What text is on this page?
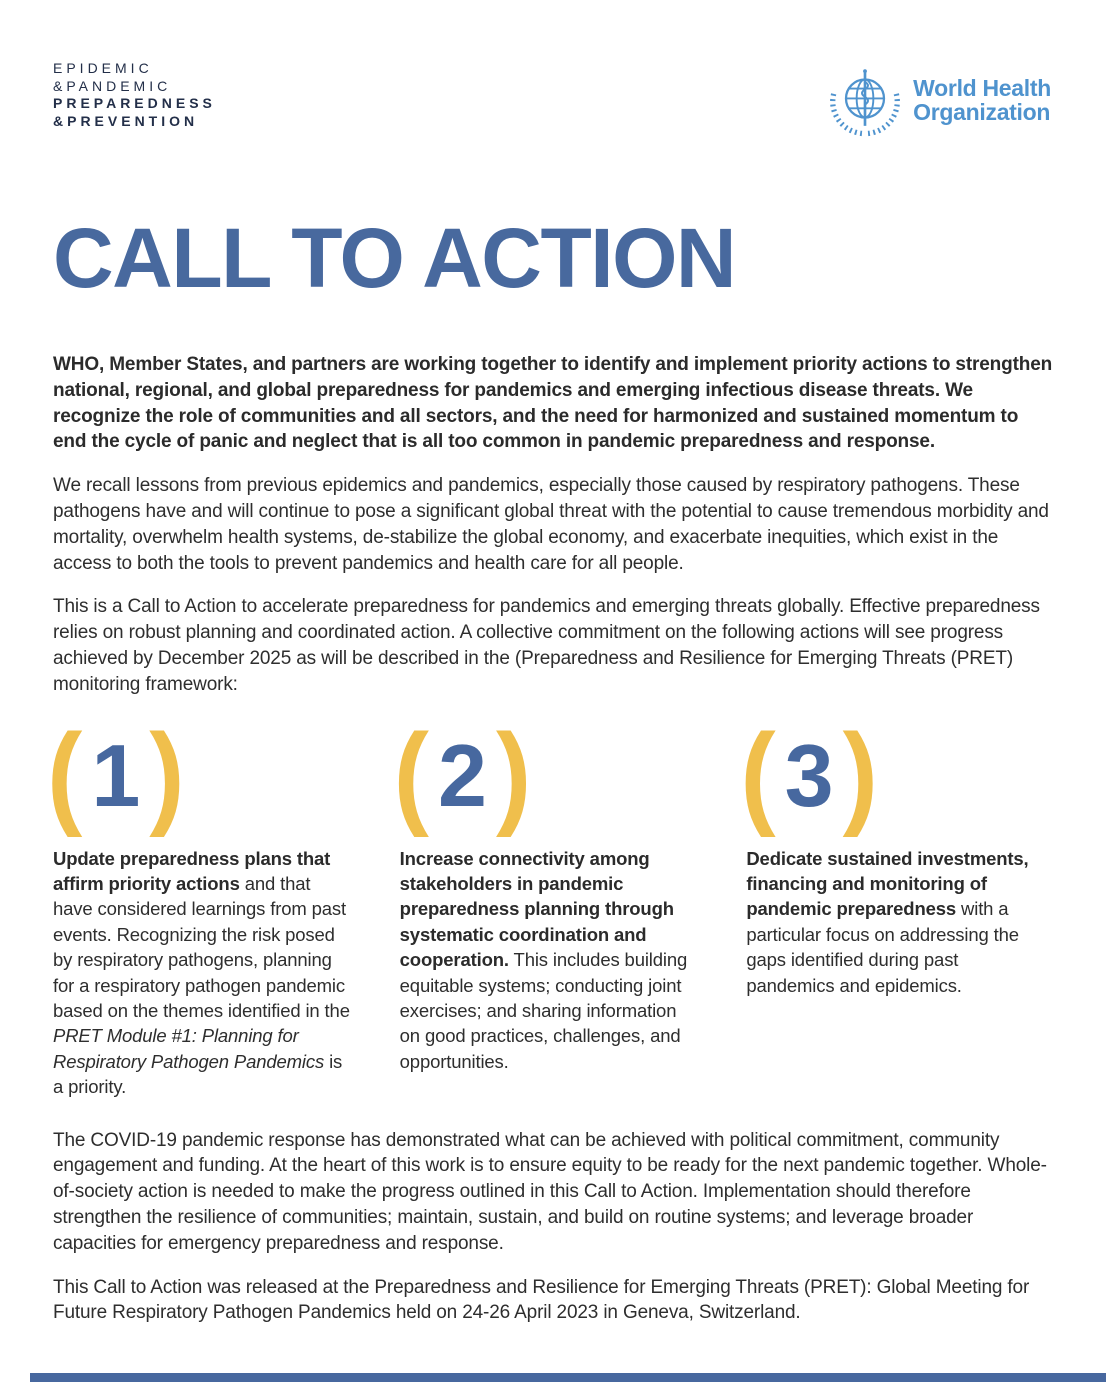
EPIDEMIC
&PANDEMIC
PREPAREDNESS
&PREVENTION
World Health
Organization
CALL TO ACTION

WHO, Member States, and partners are working together to identify and implement priority actions to strengthen national, regional, and global preparedness for pandemics and emerging infectious disease threats. We recognize the role of communities and all sectors, and the need for harmonized and sustained momentum to end the cycle of panic and neglect that is all too common in pandemic preparedness and response.

We recall lessons from previous epidemics and pandemics, especially those caused by respiratory pathogens. These pathogens have and will continue to pose a significant global threat with the potential to cause tremendous morbidity and mortality, overwhelm health systems, de-stabilize the global economy, and exacerbate inequities, which exist in the access to both the tools to prevent pandemics and health care for all people.

This is a Call to Action to accelerate preparedness for pandemics and emerging threats globally. Effective preparedness relies on robust planning and coordinated action. A collective commitment on the following actions will see progress achieved by December 2025 as will be described in the (Preparedness and Resilience for Emerging Threats (PRET) monitoring framework:

( 1 )

Update preparedness plans that affirm priority actions and that have considered learnings from past events. Recognizing the risk posed by respiratory pathogens, planning for a respiratory pathogen pandemic based on the themes identified in the PRET Module #1: Planning for Respiratory Pathogen Pandemics is a priority.

( 2 )

Increase connectivity among stakeholders in pandemic preparedness planning through systematic coordination and cooperation. This includes building equitable systems; conducting joint exercises; and sharing information on good practices, challenges, and opportunities.

( 3 )

Dedicate sustained investments, financing and monitoring of pandemic preparedness with a particular focus on addressing the gaps identified during past pandemics and epidemics.

The COVID-19 pandemic response has demonstrated what can be achieved with political commitment, community engagement and funding. At the heart of this work is to ensure equity to be ready for the next pandemic together. Whole-of-society action is needed to make the progress outlined in this Call to Action. Implementation should therefore strengthen the resilience of communities; maintain, sustain, and build on routine systems; and leverage broader capacities for emergency preparedness and response.

This Call to Action was released at the Preparedness and Resilience for Emerging Threats (PRET): Global Meeting for Future Respiratory Pathogen Pandemics held on 24-26 April 2023 in Geneva, Switzerland.
